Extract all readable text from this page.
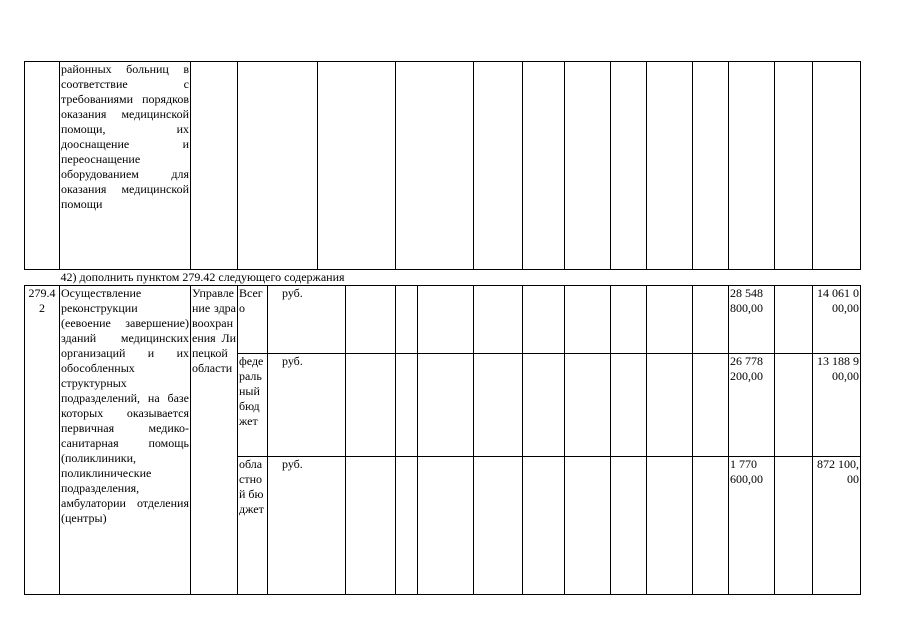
	районных больниц в соответствие с требованиями порядков оказания медицинской помощи, их дооснащение и переоснащение оборудованием для оказания медицинской помощи																
42) дополнить пунктом 279.42 следующего содержания																	
279.42	Осуществление реконструкции (еевоение завершение) зданий медицинских организаций и их обособленных структурных подразделений, на базе которых оказывается первичная медико-санитарная помощь (поликлиники, поликлинические подразделения, амбулатории отделения (центры)	Управление здравоохранения Липецкой области	Всего	руб.											28 548 800,00		14 061 000,00
			федеральный бюджет	руб.											26 778 200,00		13 188 900,00
			областной бюджет	руб.											1 770 600,00		872 100,00
